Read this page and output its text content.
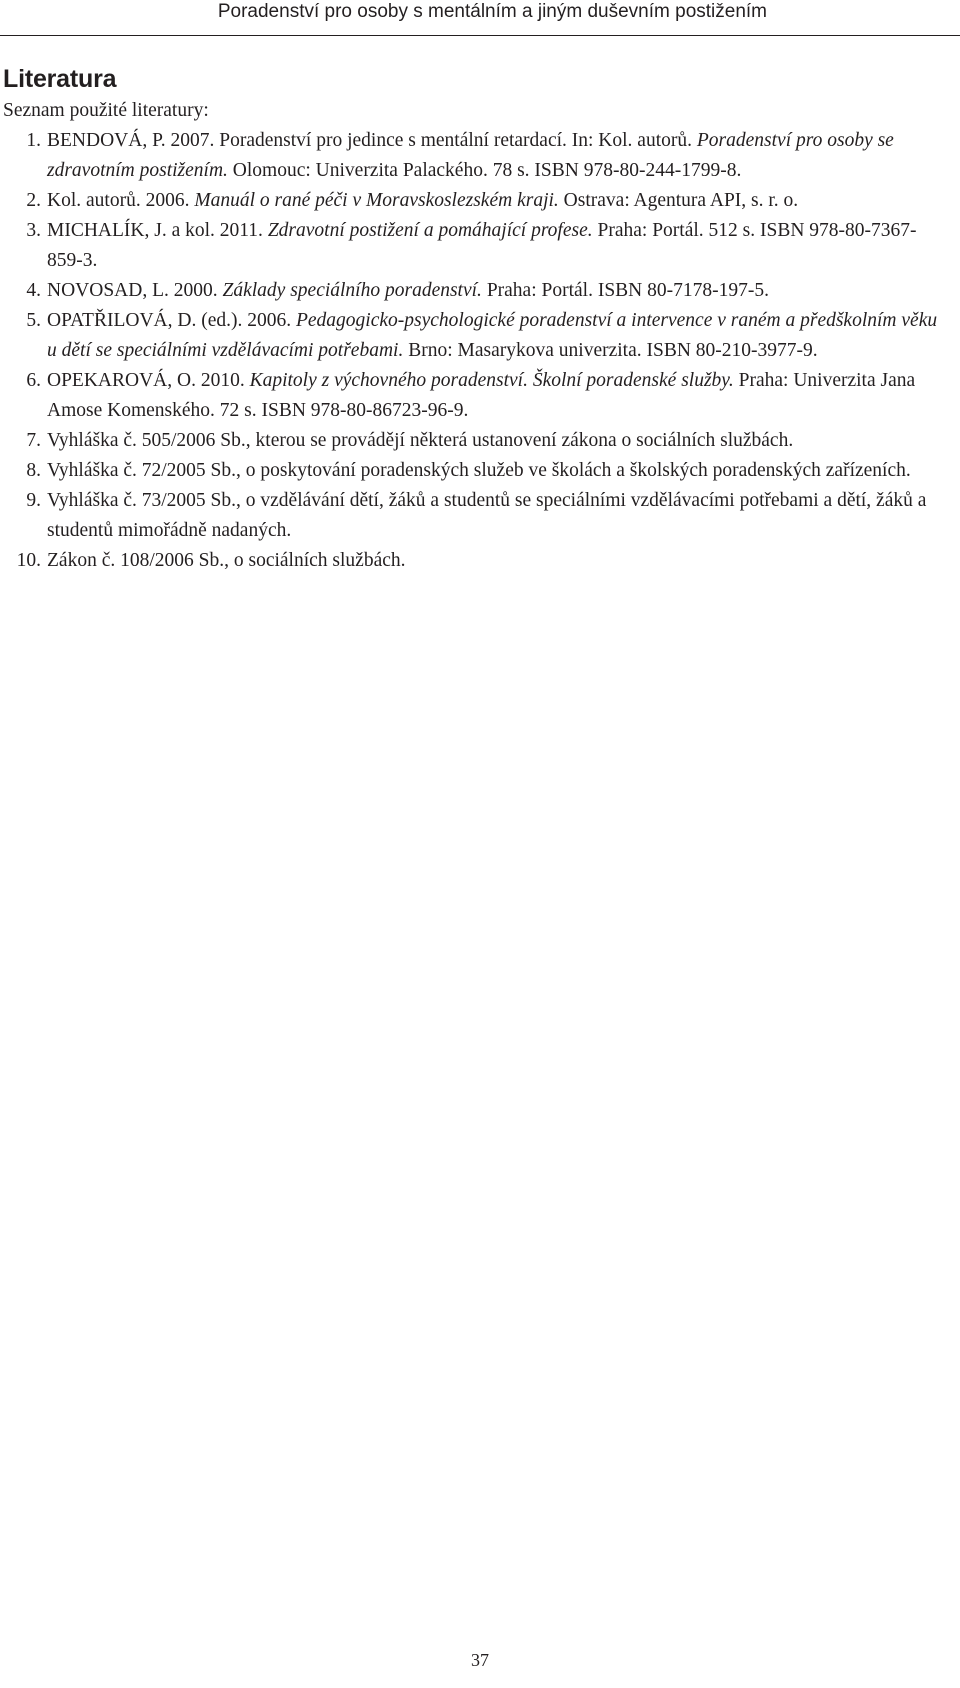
Poradenství pro osoby s mentálním a jiným duševním postižením
Literatura

Seznam použité literatury:

1. BENDOVÁ, P. 2007. Poradenství pro jedince s mentální retardací. In: Kol. autorů. Poradenství pro osoby se zdravotním postižením. Olomouc: Univerzita Palackého. 78 s. ISBN 978-80-244-1799-8.
2. Kol. autorů. 2006. Manuál o rané péči v Moravskoslezském kraji. Ostrava: Agentura API, s. r. o.
3. MICHALÍK, J. a kol. 2011. Zdravotní postižení a pomáhající profese. Praha: Portál. 512 s. ISBN 978-80-7367-859-3.
4. NOVOSAD, L. 2000. Základy speciálního poradenství. Praha: Portál. ISBN 80-7178-197-5.
5. OPATŘILOVÁ, D. (ed.). 2006. Pedagogicko-psychologické poradenství a intervence v raném a předškolním věku u dětí se speciálními vzdělávacími potřebami. Brno: Masarykova univerzita. ISBN 80-210-3977-9.
6. OPEKAROVÁ, O. 2010. Kapitoly z výchovného poradenství. Školní poradenské služby. Praha: Univerzita Jana Amose Komenského. 72 s. ISBN 978-80-86723-96-9.
7. Vyhláška č. 505/2006 Sb., kterou se provádějí některá ustanovení zákona o sociálních službách.
8. Vyhláška č. 72/2005 Sb., o poskytování poradenských služeb ve školách a školských poradenských zařízeních.
9. Vyhláška č. 73/2005 Sb., o vzdělávání dětí, žáků a studentů se speciálními vzdělávacími potřebami a dětí, žáků a studentů mimořádně nadaných.
10. Zákon č. 108/2006 Sb., o sociálních službách.
37
